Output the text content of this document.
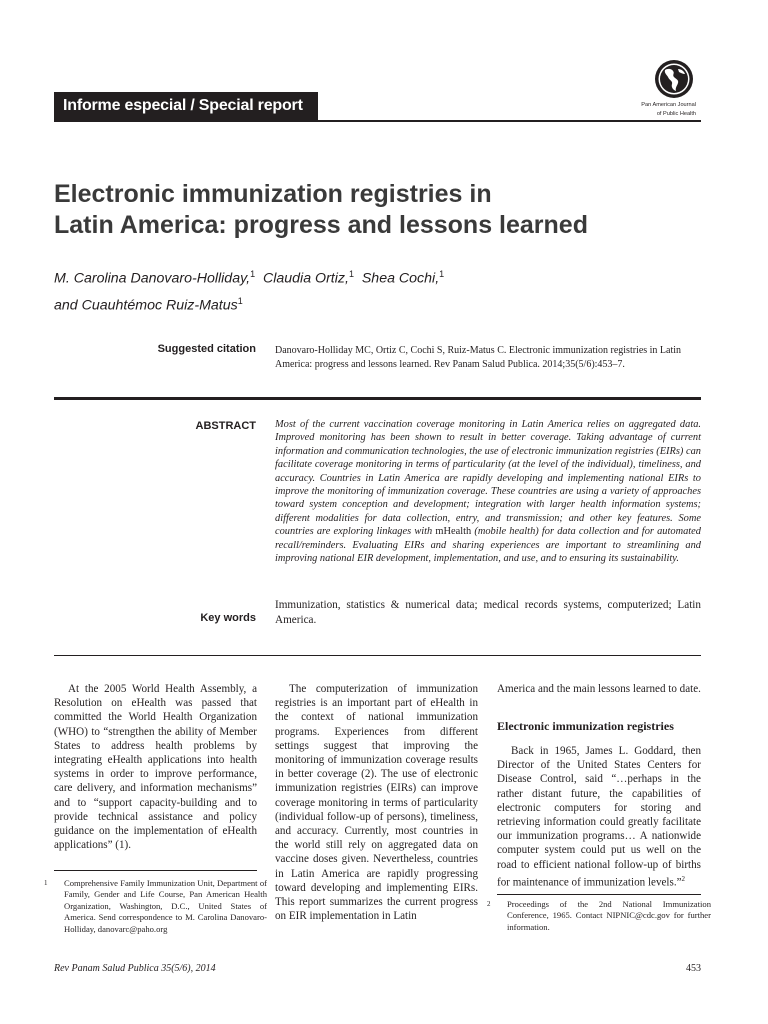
Informe especial / Special report	Pan American Journal
of Public Health
Electronic immunization registries in
Latin America: progress and lessons learned
M. Carolina Danovaro-Holliday,$^1$ Claudia Ortiz,$^1$ Shea Cochi,$^1$
and Cuauhtémoc Ruiz-Matus$^1$
Suggested citation Danovaro-Holliday MC, Ortiz C, Cochi S, Ruiz-Matus C. Electronic immunization registries in Latin America: progress and lessons learned. Rev Panam Salud Publica. 2014;35(5/6):453–7.
ABSTRACT Most of the current vaccination coverage monitoring in Latin America relies on aggregated data. Improved monitoring has been shown to result in better coverage. Taking advantage of current information and communication technologies, the use of electronic immunization registries (EIRs) can facilitate coverage monitoring in terms of particularity (at the level of the individual), timeliness, and accuracy. Countries in Latin America are rapidly developing and implementing national EIRs to improve the monitoring of immunization coverage. These countries are using a variety of approaches toward system conception and development; integration with larger health information systems; different modalities for data collection, entry, and transmission; and other key features. Some countries are exploring linkages with mHealth (mobile health) for data collection and for automated recall/reminders. Evaluating EIRs and sharing experiences are important to streamlining and improving national EIR development, implementation, and use, and to ensuring its sustainability.
Key words
Immunization, statistics & numerical data; medical records systems, computerized; Latin America.

At the 2005 World Health Assembly, a Resolution on eHealth was passed that committed the World Health Organization (WHO) to “strengthen the ability of Member States to address health problems by integrating eHealth applications into health systems in order to improve performance, care delivery, and information mechanisms” and to “support capacity-building and to provide technical assistance and policy guidance on the implementation of eHealth applications” (1).

The computerization of immunization registries is an important part of eHealth in the context of national immunization programs. Experiences from different settings suggest that improving the monitoring of immunization coverage results in better coverage (2). The use of electronic immunization registries (EIRs) can improve coverage monitoring in terms of particularity (individual follow-up of persons), timeliness, and accuracy. Currently, most countries in the world still rely on aggregated data on vaccine doses given. Nevertheless, countries in Latin America are rapidly progressing toward developing and implementing EIRs. This report summarizes the current progress on EIR implementation in Latin

America and the main lessons learned to date.

Electronic immunization registries

Back in 1965, James L. Goddard, then Director of the United States Centers for Disease Control, said “…perhaps in the rather distant future, the capabilities of electronic computers for storing and retrieving information could greatly facilitate our immunization programs… A nationwide computer system could put us well on the road to efficient national follow-up of births for maintenance of immunization levels.”$^2$

1 Comprehensive Family Immunization Unit, Department of Family, Gender and Life Course, Pan American Health Organization, Washington, D.C., United States of America. Send correspondence to M. Carolina Danovaro-Holliday, danovarc@paho.org
2 Proceedings of the 2nd National Immunization Conference, 1965. Contact NIPNIC@cdc.gov for further information.
Rev Panam Salud Publica 35(5/6), 2014	453
